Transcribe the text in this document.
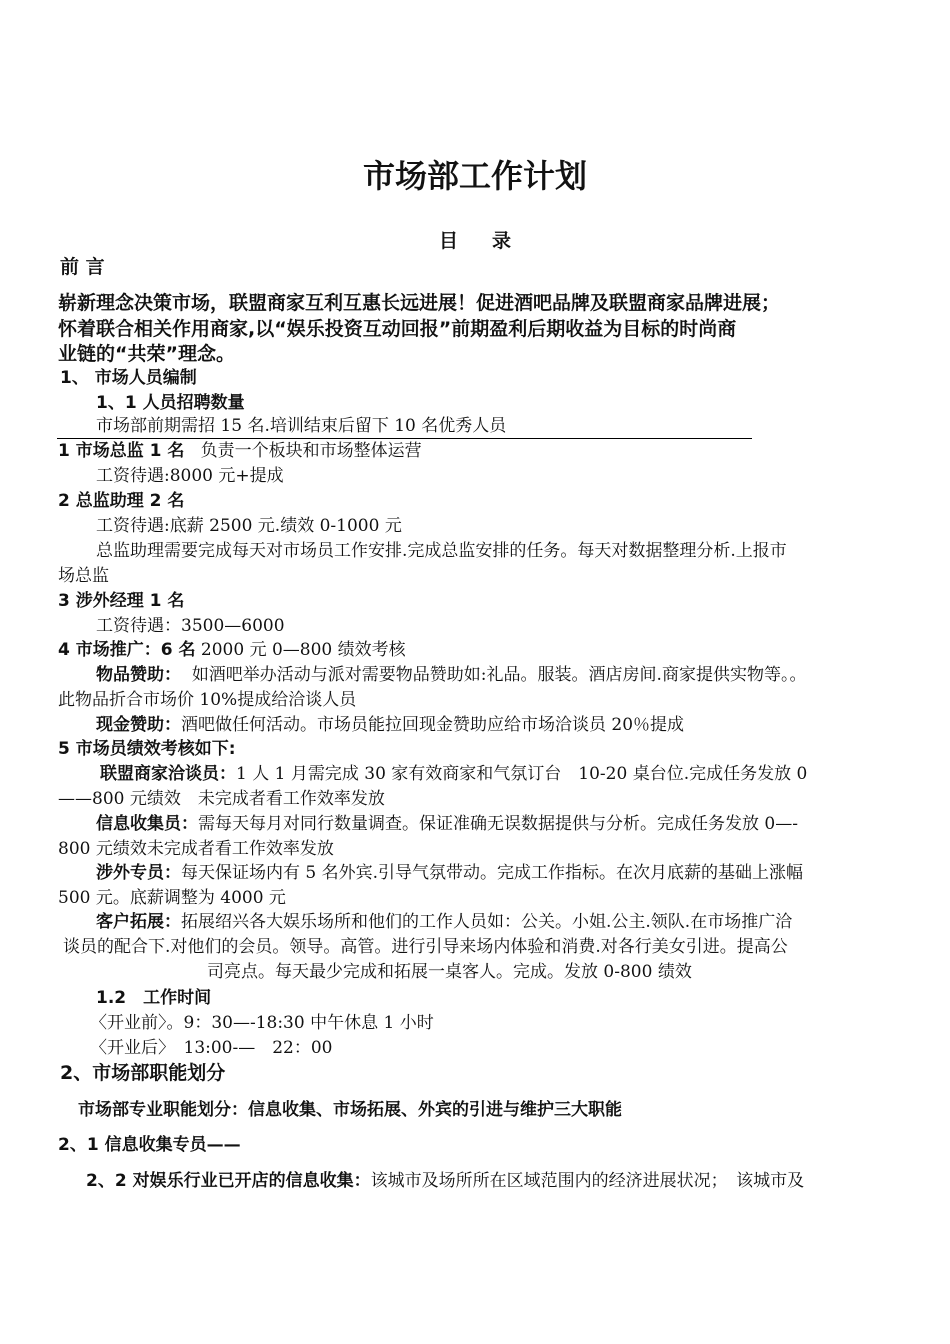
市场部工作计划
目录
前 言
崭新理念决策市场，联盟商家互利互惠长远进展！促进酒吧品牌及联盟商家品牌进展；
怀着联合相关作用商家,以“娱乐投资互动回报”前期盈利后期收益为目标的时尚商
业链的“共荣”理念。
1、 市场人员编制
1、1 人员招聘数量
市场部前期需招 15 名.培训结束后留下 10 名优秀人员
1 市场总监 1 名 负责一个板块和市场整体运营
工资待遇:8000 元+提成
2 总监助理 2 名
工资待遇:底薪 2500 元.绩效 0-1000 元
总监助理需要完成每天对市场员工作安排.完成总监安排的任务。每天对数据整理分析.上报市
场总监
3 涉外经理 1 名
工资待遇：3500—6000
4 市场推广：6 名 2000 元 0—800 绩效考核
物品赞助： 如酒吧举办活动与派对需要物品赞助如:礼品。服装。酒店房间.商家提供实物等。。
此物品折合市场价 10%提成给洽谈人员
现金赞助：酒吧做任何活动。市场员能拉回现金赞助应给市场洽谈员 20％提成
5 市场员绩效考核如下:
联盟商家洽谈员：1 人 1 月需完成 30 家有效商家和气氛订台　10-20 桌台位.完成任务发放 0
——800 元绩效　未完成者看工作效率发放
信息收集员：需每天每月对同行数量调查。保证准确无误数据提供与分析。完成任务发放 0—-
800 元绩效未完成者看工作效率发放
涉外专员：每天保证场内有 5 名外宾.引导气氛带动。完成工作指标。在次月底薪的基础上涨幅
500 元。底薪调整为 4000 元
客户拓展：拓展绍兴各大娱乐场所和他们的工作人员如：公关。小姐.公主.领队.在市场推广洽
谈员的配合下.对他们的会员。领导。高管。进行引导来场内体验和消费.对各行美女引进。提高公
司亮点。每天最少完成和拓展一桌客人。完成。发放 0-800 绩效
1.2　工作时间
〈开业前〉。9：30—-18:30 中午休息 1 小时
〈开业后〉　13:00-—　22：00
2、市场部职能划分
市场部专业职能划分：信息收集、市场拓展、外宾的引进与维护三大职能
2、1 信息收集专员——
2、2 对娱乐行业已开店的信息收集：该城市及场所所在区域范围内的经济进展状况；　该城市及
